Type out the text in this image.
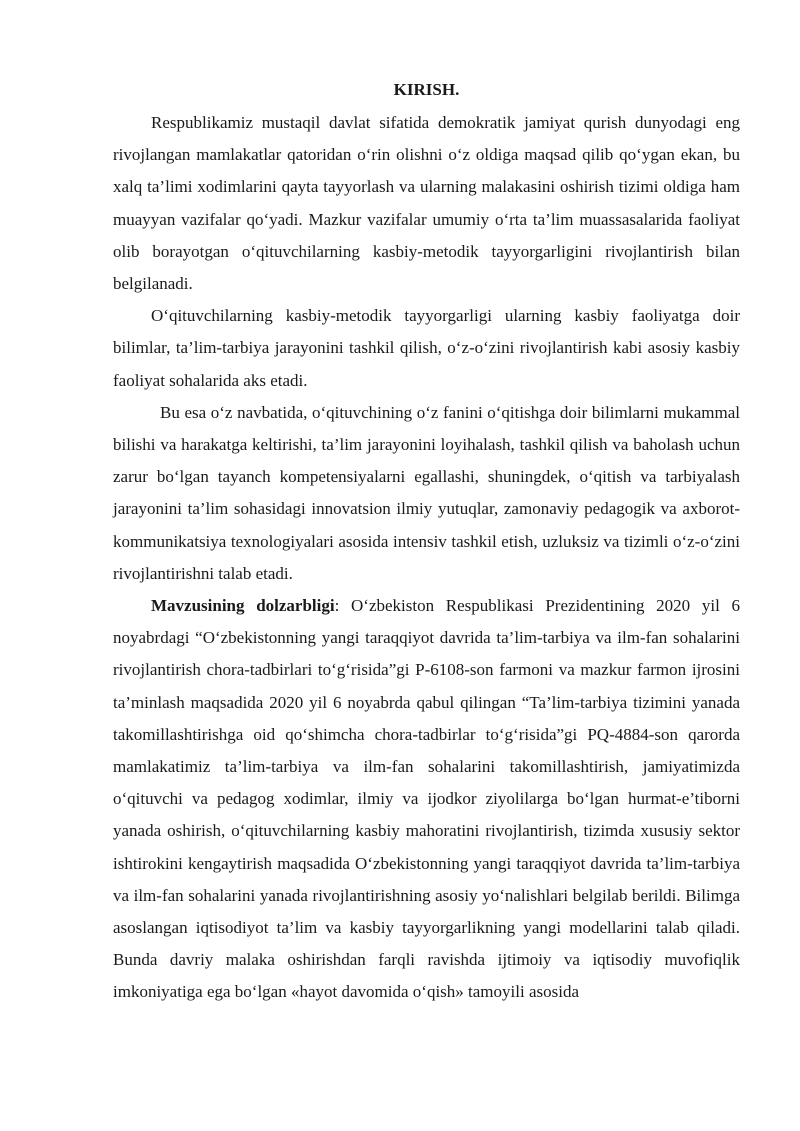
KIRISH.

Respublikamiz mustaqil davlat sifatida demokratik jamiyat qurish dunyodagi eng rivojlangan mamlakatlar qatoridan o‘rin olishni o‘z oldiga maqsad qilib qo‘ygan ekan, bu xalq ta’limi xodimlarini qayta tayyorlash va ularning malakasini oshirish tizimi oldiga ham muayyan vazifalar qo‘yadi. Mazkur vazifalar umumiy o‘rta ta’lim muassasalarida faoliyat olib borayotgan o‘qituvchilarning kasbiy-metodik tayyorgarligini rivojlantirish bilan belgilanadi.

O‘qituvchilarning kasbiy-metodik tayyorgarligi ularning kasbiy faoliyatga doir bilimlar, ta’lim-tarbiya jarayonini tashkil qilish, o‘z-o‘zini rivojlantirish kabi asosiy kasbiy faoliyat sohalarida aks etadi.

Bu esa o‘z navbatida, o‘qituvchining o‘z fanini o‘qitishga doir bilimlarni mukammal bilishi va harakatga keltirishi, ta’lim jarayonini loyihalash, tashkil qilish va baholash uchun zarur bo‘lgan tayanch kompetensiyalarni egallashi, shuningdek, o‘qitish va tarbiyalash jarayonini ta’lim sohasidagi innovatsion ilmiy yutuqlar, zamonaviy pedagogik va axborot-kommunikatsiya texnologiyalari asosida intensiv tashkil etish, uzluksiz va tizimli o‘z-o‘zini rivojlantirishni talab etadi.

Mavzusining dolzarbligi: O‘zbekiston Respublikasi Prezidentining 2020 yil 6 noyabrdagi “O‘zbekistonning yangi taraqqiyot davrida ta’lim-tarbiya va ilm-fan sohalarini rivojlantirish chora-tadbirlari to‘g‘risida”gi P-6108-son farmoni va mazkur farmon ijrosini ta’minlash maqsadida 2020 yil 6 noyabrda qabul qilingan “Ta’lim-tarbiya tizimini yanada takomillashtirishga oid qo‘shimcha chora-tadbirlar to‘g‘risida”gi PQ-4884-son qarorda mamlakatimiz ta’lim-tarbiya va ilm-fan sohalarini takomillashtirish, jamiyatimizda o‘qituvchi va pedagog xodimlar, ilmiy va ijodkor ziyolilarga bo‘lgan hurmat-e’tiborni yanada oshirish, o‘qituvchilarning kasbiy mahoratini rivojlantirish, tizimda xususiy sektor ishtirokini kengaytirish maqsadida O‘zbekistonning yangi taraqqiyot davrida ta’lim-tarbiya va ilm-fan sohalarini yanada rivojlantirishning asosiy yo‘nalishlari belgilab berildi. Bilimga asoslangan iqtisodiyot ta’lim va kasbiy tayyorgarlikning yangi modellarini talab qiladi. Bunda davriy malaka oshirishdan farqli ravishda ijtimoiy va iqtisodiy muvofiqlik imkoniyatiga ega bo‘lgan «hayot davomida o‘qish» tamoyili asosida
